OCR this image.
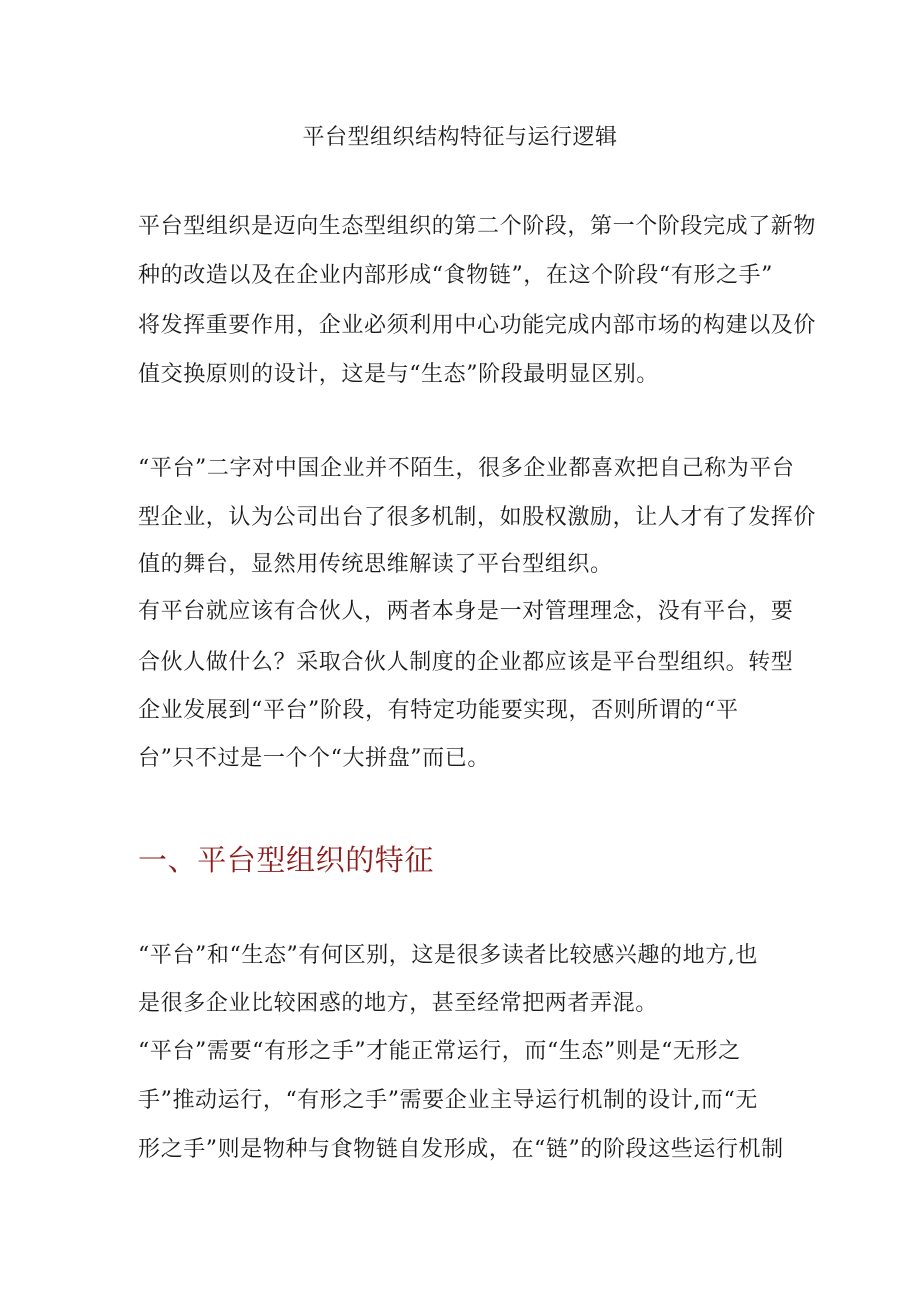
平台型组织结构特征与运行逻辑
平台型组织是迈向生态型组织的第二个阶段，第一个阶段完成了新物
种的改造以及在企业内部形成“食物链”，在这个阶段“有形之手”
将发挥重要作用，企业必须利用中心功能完成内部市场的构建以及价
值交换原则的设计，这是与“生态”阶段最明显区别。
“平台”二字对中国企业并不陌生，很多企业都喜欢把自己称为平台
型企业，认为公司出台了很多机制，如股权激励，让人才有了发挥价
值的舞台，显然用传统思维解读了平台型组织。
有平台就应该有合伙人，两者本身是一对管理理念，没有平台，要
合伙人做什么？采取合伙人制度的企业都应该是平台型组织。转型
企业发展到“平台”阶段，有特定功能要实现，否则所谓的“平
台”只不过是一个个“大拼盘”而已。
一、平台型组织的特征
“平台”和“生态”有何区别，这是很多读者比较感兴趣的地方,也
是很多企业比较困惑的地方，甚至经常把两者弄混。
“平台”需要“有形之手”才能正常运行，而“生态”则是“无形之
手”推动运行，“有形之手”需要企业主导运行机制的设计,而“无
形之手”则是物种与食物链自发形成，在“链”的阶段这些运行机制
